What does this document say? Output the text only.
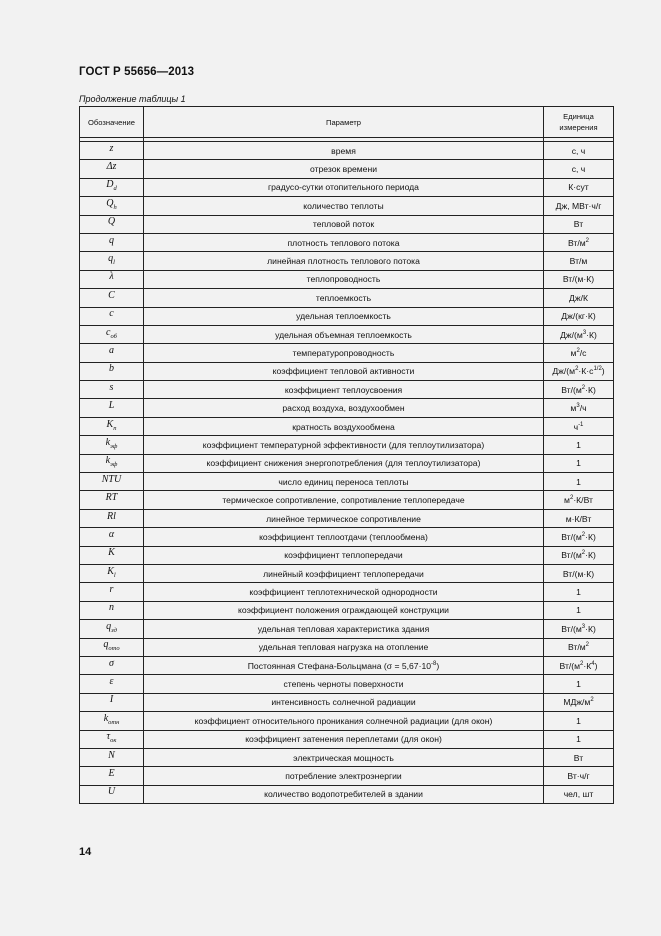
ГОСТ Р 55656—2013
Продолжение таблицы 1
Обозначение	Параметр	Единица
измерения

z	время	с, ч
Δz	отрезок времени	с, ч
$D_d$	градусо-сутки отопительного периода	К·сут
$Q_h$	количество теплоты	Дж, МВт·ч/г
Q	тепловой поток	Вт
q	плотность теплового потока	$Вт/м^2$
$q_l$	линейная плотность теплового потока	Вт/м
λ	теплопроводность	Вт/(м·К)
C	теплоемкость	Дж/К
c	удельная теплоемкость	Дж/(кг·К)
$c_{об}$	удельная объемная теплоемкость	$Дж/(м^3\cdot К)$
a	температуропроводность	$м^2/с$
b	коэффициент тепловой активности	$Дж/(м^2\cdot К\cdot с^{1/2})$
s	коэффициент теплоусвоения	$Вт/(м^2\cdot К)$
L	расход воздуха, воздухообмен	$м^3/ч$
$K_n$	кратность воздухообмена	$ч^{-1}$
$k_{эф}$	коэффициент температурной эффективности (для теплоутилизатора)	1
$k_{эф}$	коэффициент снижения энергопотребления (для теплоутилизатора)	1
NTU	число единиц переноса теплоты	1
RT	термическое сопротивление, сопротивление теплопередаче	$м^2\cdot К/Вт$
Rl	линейное термическое сопротивление	м·К/Вт
α	коэффициент теплоотдачи (теплообмена)	$Вт/(м^2\cdot К)$
K	коэффициент теплопередачи	$Вт/(м^2\cdot К)$
$K_l$	линейный коэффициент теплопередачи	Вт/(м·К)
r	коэффициент теплотехнической однородности	1
n	коэффициент положения ограждающей конструкции	1
$q_{зд}$	удельная тепловая характеристика здания	$Вт/(м^3\cdot К)$
$q_{ото}$	удельная тепловая нагрузка на отопление	$Вт/м^2$
σ	Постоянная Стефана-Больцмана $(\sigma = 5,67\cdot 10^{-8})$	$Вт/(м^2\cdot К^4)$
ε	степень черноты поверхности	1
I	интенсивность солнечной радиации	МДж/$м^2$
$k_{отн}$	коэффициент относительного проникания солнечной радиации (для окон)	1
$\tau_{ок}$	коэффициент затенения переплетами (для окон)	1
N	электрическая мощность	Вт
E	потребление электроэнергии	Вт·ч/г
U	количество водопотребителей в здании	чел, шт
14
